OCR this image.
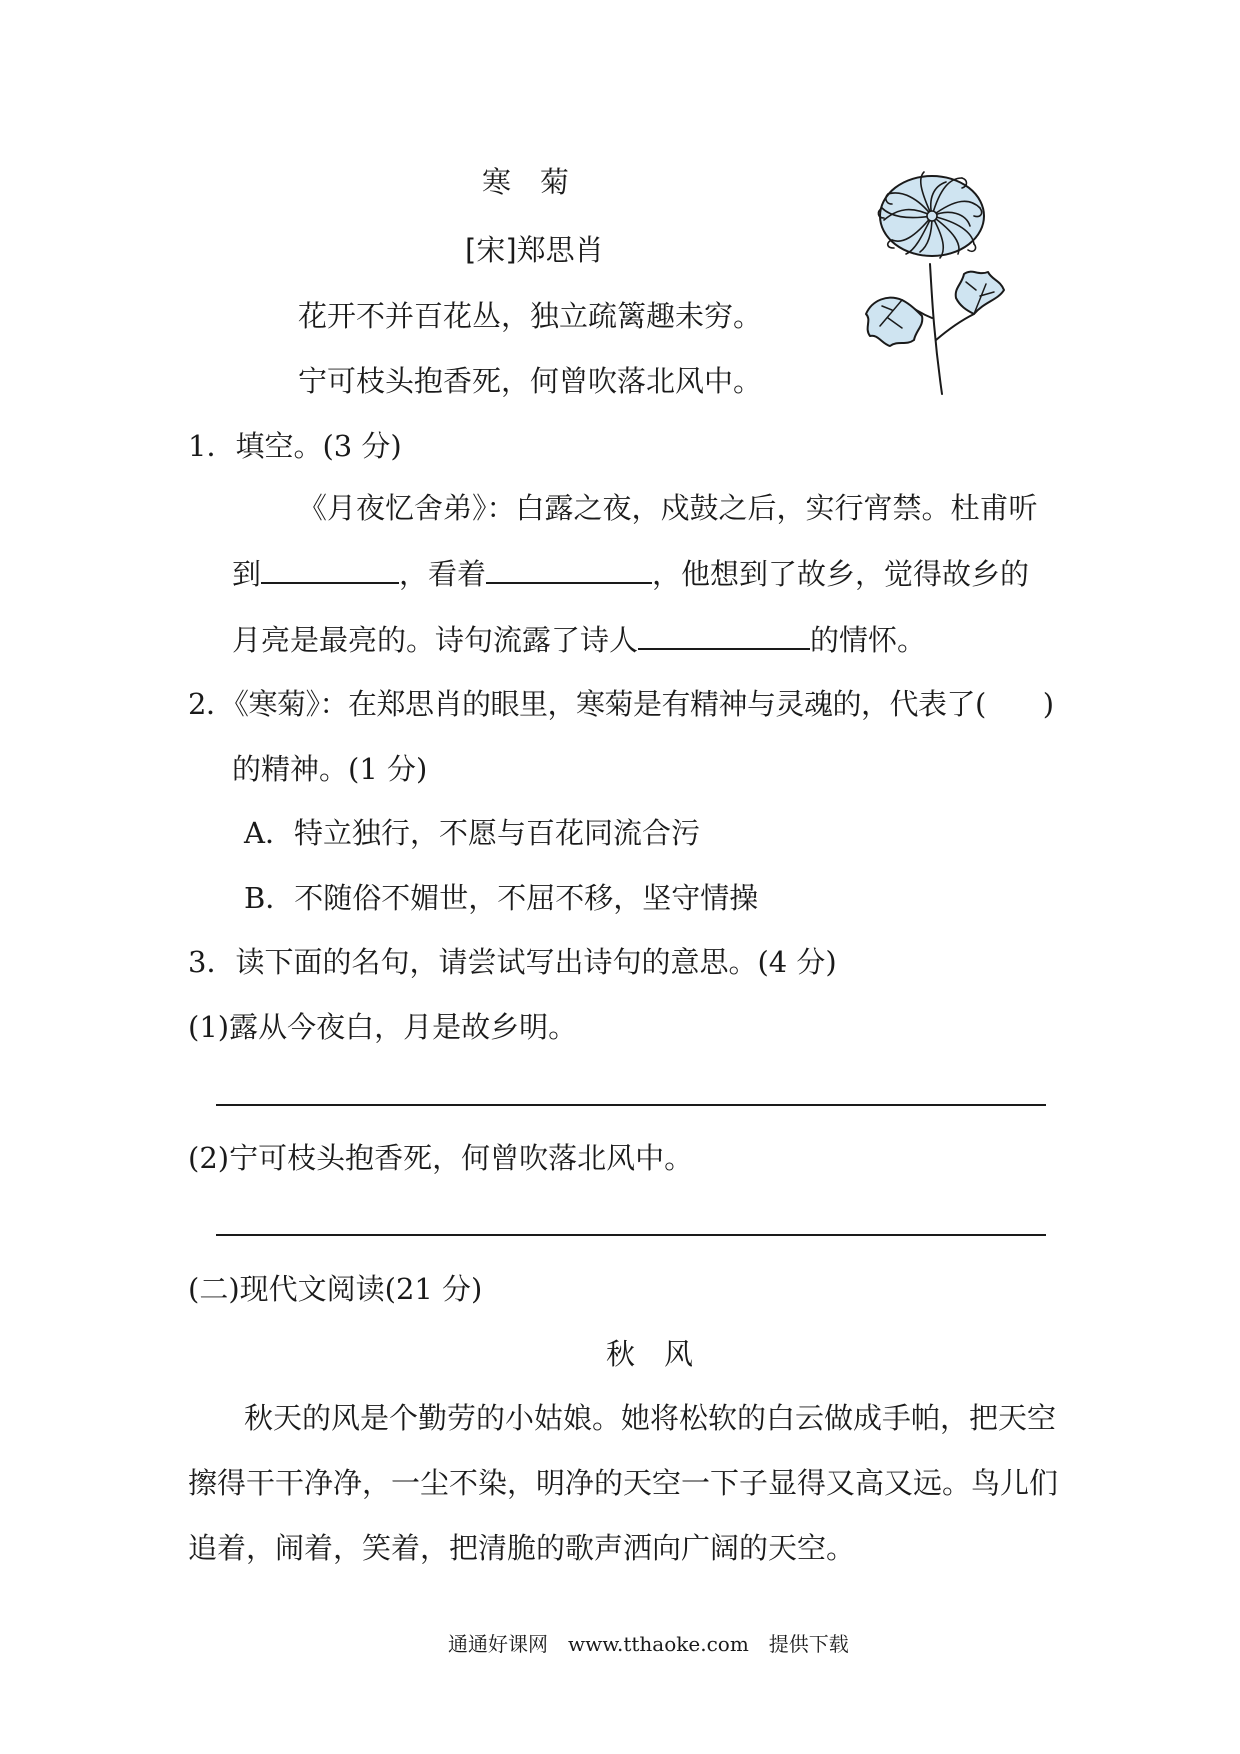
寒　菊
[宋]郑思肖
花开不并百花丛，独立疏篱趣未穷。
宁可枝头抱香死，何曾吹落北风中。
1．填空。(3 分)
《月夜忆舍弟》：白露之夜，戍鼓之后，实行宵禁。杜甫听
到	，看着	，他想到了故乡，觉得故乡的
月亮是最亮的。诗句流露了诗人	的情怀。
2．《寒菊》：在郑思肖的眼里，寒菊是有精神与灵魂的，代表了(　　)
的精神。(1 分)
A．特立独行，不愿与百花同流合污
B．不随俗不媚世，不屈不移，坚守情操
3．读下面的名句，请尝试写出诗句的意思。(4 分)
(1)露从今夜白，月是故乡明。
(2)宁可枝头抱香死，何曾吹落北风中。
(二)现代文阅读(21 分)
秋　风
秋天的风是个勤劳的小姑娘。她将松软的白云做成手帕，把天空
擦得干干净净，一尘不染，明净的天空一下子显得又高又远。鸟儿们
追着，闹着，笑着，把清脆的歌声洒向广阔的天空。
通通好课网　www.tthaoke.com　提供下载
